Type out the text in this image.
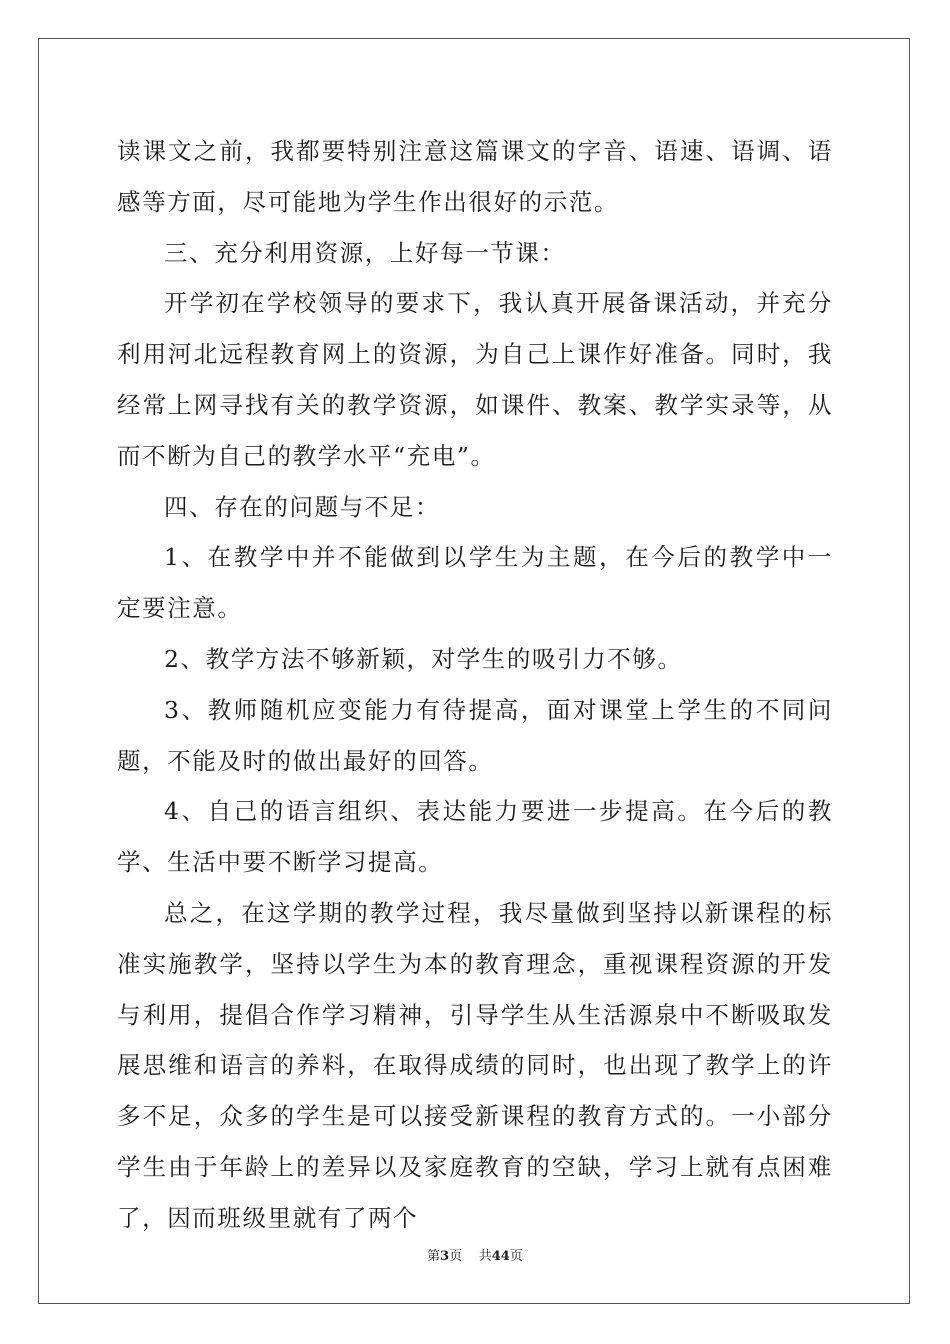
读课文之前，我都要特别注意这篇课文的字音、语速、语调、语感等方面，尽可能地为学生作出很好的示范。

三、充分利用资源，上好每一节课：

开学初在学校领导的要求下，我认真开展备课活动，并充分利用河北远程教育网上的资源，为自己上课作好准备。同时，我经常上网寻找有关的教学资源，如课件、教案、教学实录等，从而不断为自己的教学水平“充电”。

四、存在的问题与不足：

1、在教学中并不能做到以学生为主题，在今后的教学中一定要注意。

2、教学方法不够新颖，对学生的吸引力不够。

3、教师随机应变能力有待提高，面对课堂上学生的不同问题，不能及时的做出最好的回答。

4、自己的语言组织、表达能力要进一步提高。在今后的教学、生活中要不断学习提高。

总之，在这学期的教学过程，我尽量做到坚持以新课程的标准实施教学，坚持以学生为本的教育理念，重视课程资源的开发与利用，提倡合作学习精神，引导学生从生活源泉中不断吸取发展思维和语言的养料，在取得成绩的同时，也出现了教学上的许多不足，众多的学生是可以接受新课程的教育方式的。一小部分学生由于年龄上的差异以及家庭教育的空缺，学习上就有点困难了，因而班级里就有了两个

第3页 共44页
